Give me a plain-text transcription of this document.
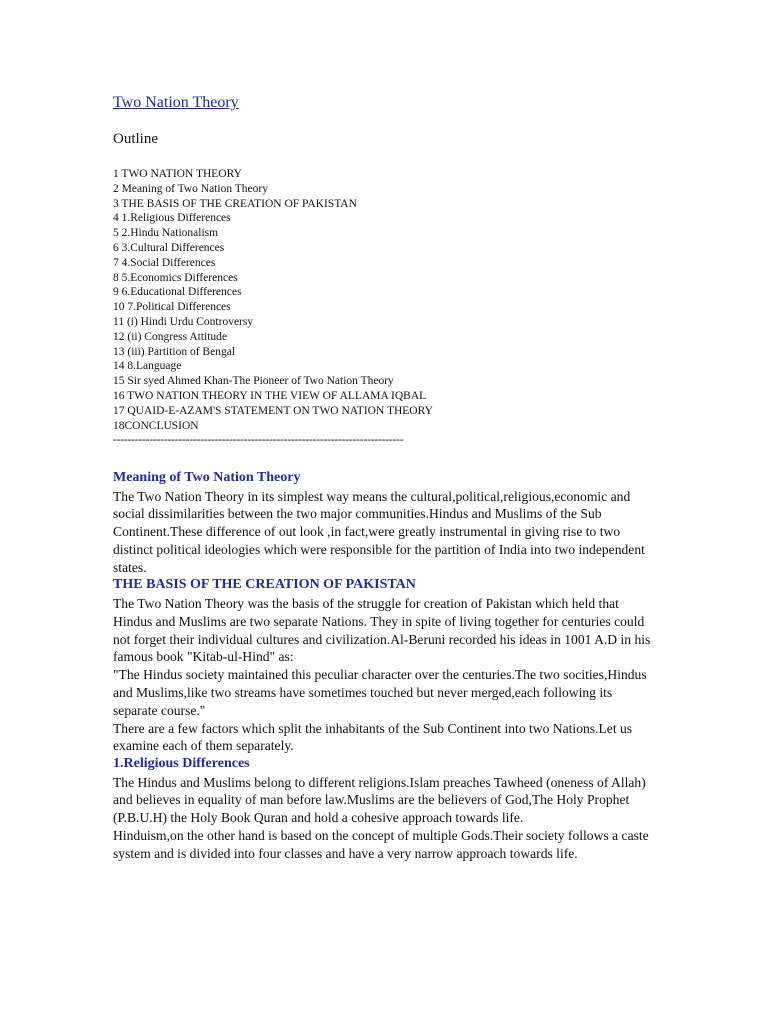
Two Nation Theory
Outline
1 TWO NATION THEORY
2 Meaning of Two Nation Theory
3 THE BASIS OF THE CREATION OF PAKISTAN
4 1.Religious Differences
5 2.Hindu Nationalism
6 3.Cultural Differences
7 4.Social Differences
8 5.Economics Differences
9 6.Educational Differences
10 7.Political Differences
11 (i) Hindi Urdu Controversy
12 (ii) Congress Attitude
13 (iii) Partition of Bengal
14 8.Language
15 Sir syed Ahmed Khan-The Pioneer of Two Nation Theory
16 TWO NATION THEORY IN THE VIEW OF ALLAMA IQBAL
17 QUAID-E-AZAM'S STATEMENT ON TWO NATION THEORY
18CONCLUSION
--------------------------------------------------------------------------------
Meaning of Two Nation Theory

The Two Nation Theory in its simplest way means the cultural,political,religious,economic and social dissimilarities between the two major communities.Hindus and Muslims of the Sub Continent.These difference of out look ,in fact,were greatly instrumental in giving rise to two distinct political ideologies which were responsible for the partition of India into two independent states.

THE BASIS OF THE CREATION OF PAKISTAN

The Two Nation Theory was the basis of the struggle for creation of Pakistan which held that Hindus and Muslims are two separate Nations. They in spite of living together for centuries could not forget their individual cultures and civilization.Al-Beruni recorded his ideas in 1001 A.D in his famous book "Kitab-ul-Hind" as:

"The Hindus society maintained this peculiar character over the centuries.The two socities,Hindus and Muslims,like two streams have sometimes touched but never merged,each following its separate course."

There are a few factors which split the inhabitants of the Sub Continent into two Nations.Let us examine each of them separately.

1.Religious Differences

The Hindus and Muslims belong to different religions.Islam preaches Tawheed (oneness of Allah) and believes in equality of man before law.Muslims are the believers of God,The Holy Prophet (P.B.U.H) the Holy Book Quran and hold a cohesive approach towards life.

Hinduism,on the other hand is based on the concept of multiple Gods.Their society follows a caste system and is divided into four classes and have a very narrow approach towards life.
